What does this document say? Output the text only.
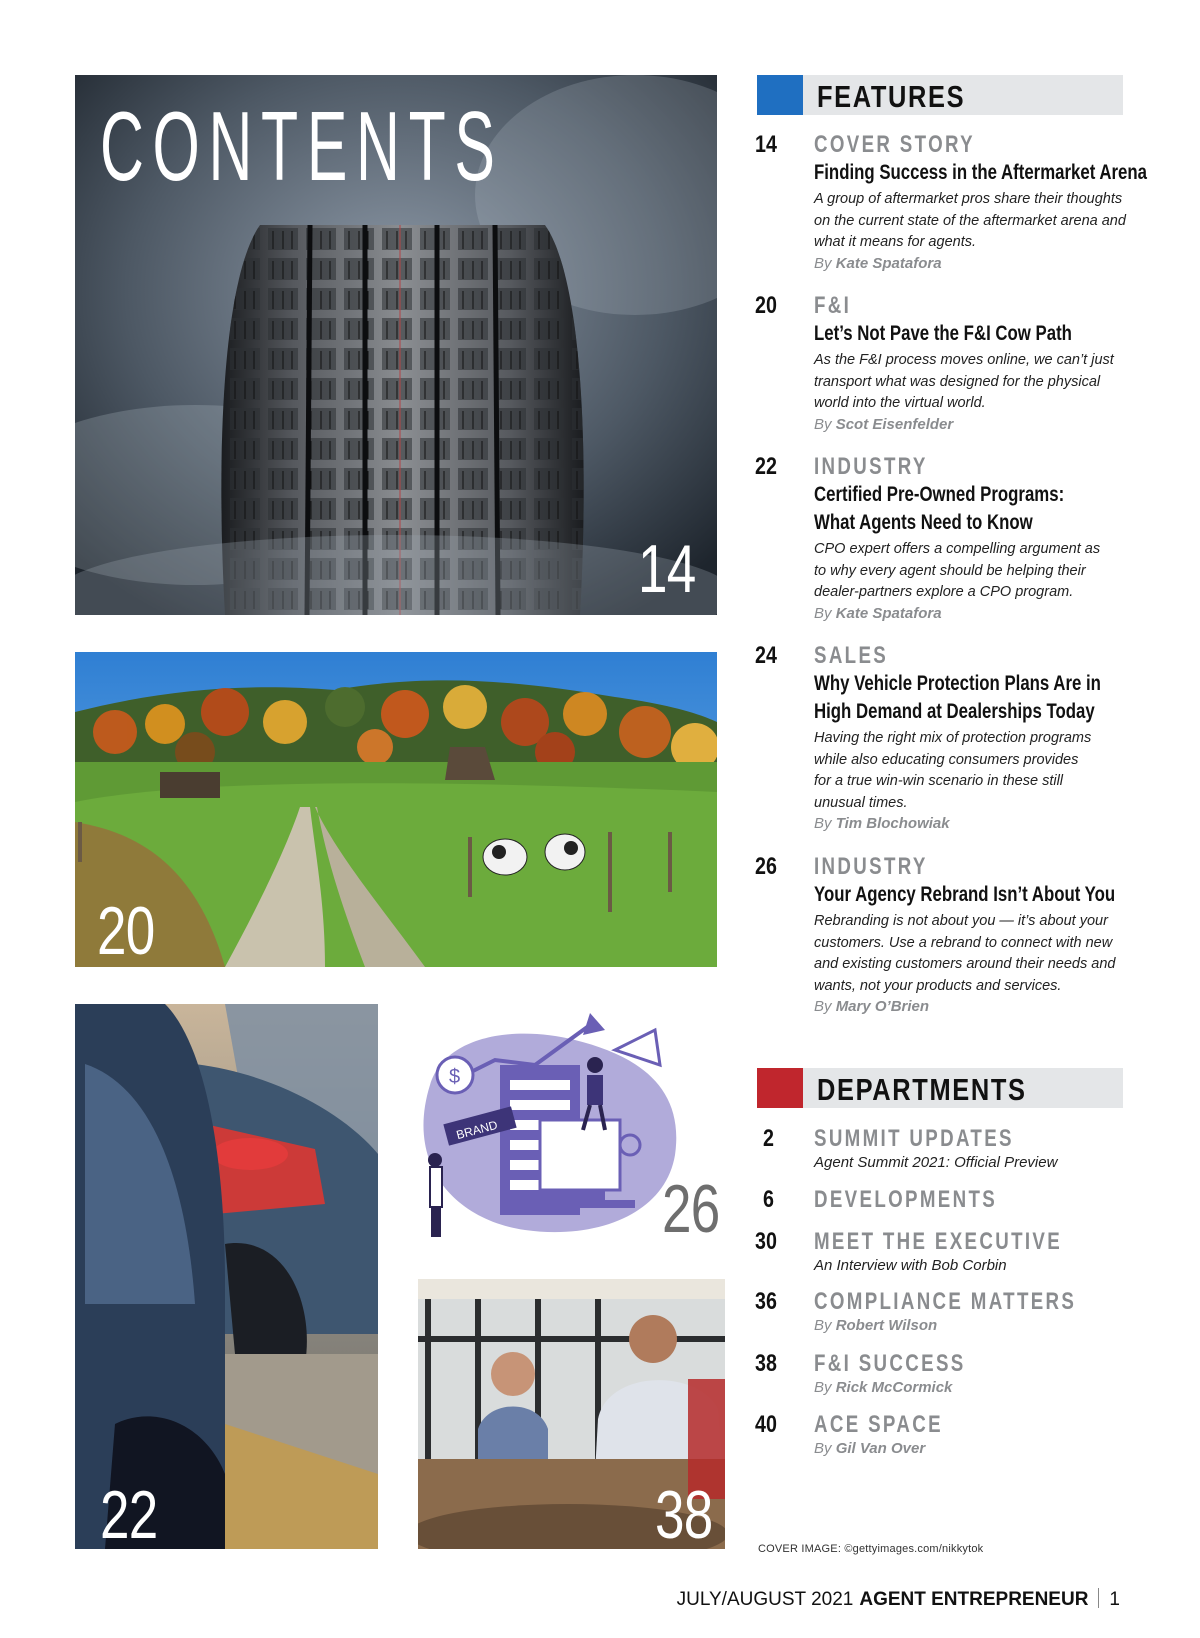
CONTENTS
14
20
22
$
BRAND
26
38
FEATURES
14 COVER STORY
Finding Success in the Aftermarket Arena
A group of aftermarket pros share their thoughts
on the current state of the aftermarket arena and
what it means for agents.
By Kate Spatafora
20 F&I
Let’s Not Pave the F&I Cow Path
As the F&I process moves online, we can’t just
transport what was designed for the physical
world into the virtual world.
By Scot Eisenfelder
22 INDUSTRY
Certified Pre-Owned Programs:
What Agents Need to Know
CPO expert offers a compelling argument as
to why every agent should be helping their
dealer-partners explore a CPO program.
By Kate Spatafora
24 SALES
Why Vehicle Protection Plans Are in
High Demand at Dealerships Today
Having the right mix of protection programs
while also educating consumers provides
for a true win-win scenario in these still
unusual times.
By Tim Blochowiak
26 INDUSTRY
Your Agency Rebrand Isn’t About You
Rebranding is not about you — it’s about your
customers. Use a rebrand to connect with new
and existing customers around their needs and
wants, not your products and services.
By Mary O’Brien
DEPARTMENTS
2 SUMMIT UPDATES
Agent Summit 2021: Official Preview
6 DEVELOPMENTS
30 MEET THE EXECUTIVE
An Interview with Bob Corbin
36 COMPLIANCE MATTERS
By Robert Wilson
38 F&I SUCCESS
By Rick McCormick
40 ACE SPACE
By Gil Van Over
COVER IMAGE: ©gettyimages.com/nikkytok
JULY/AUGUST 2021 AGENT ENTREPRENEUR 1
